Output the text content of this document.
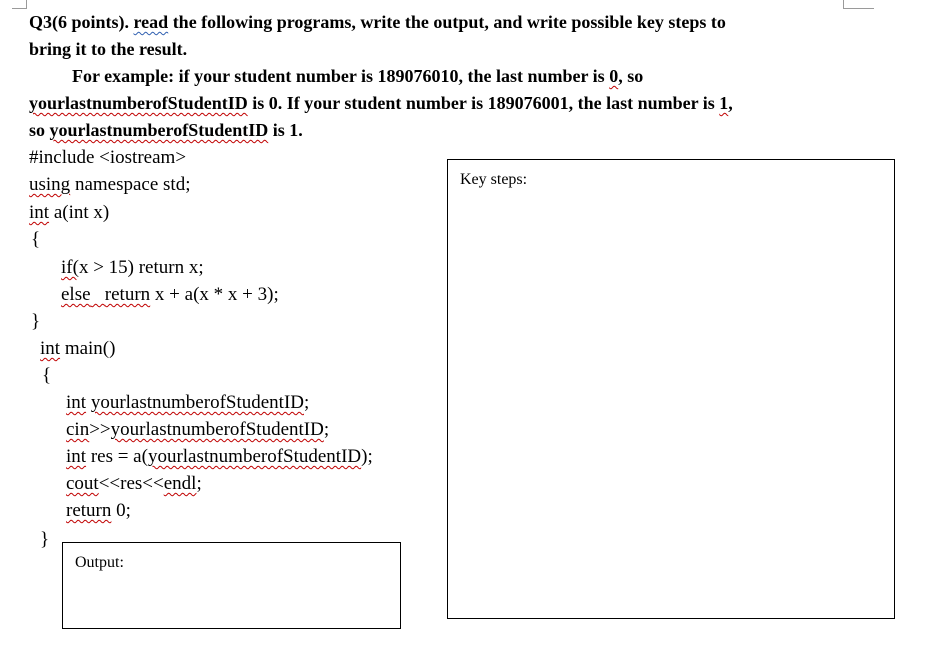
Q3(6 points). read the following programs, write the output, and write possible key steps to
bring it to the result.
For example: if your student number is 189076010, the last number is 0, so
yourlastnumberofStudentID is 0. If your student number is 189076001, the last number is 1,
so yourlastnumberofStudentID is 1.
#include <iostream>
using namespace std;
int a(int x)
{
if(x > 15) return x;
else return x + a(x * x + 3);
}
int main()
{
int yourlastnumberofStudentID;
cin>>yourlastnumberofStudentID;
int res = a(yourlastnumberofStudentID);
cout<<res<<endl;
return 0;
}
Key steps:
Output:
